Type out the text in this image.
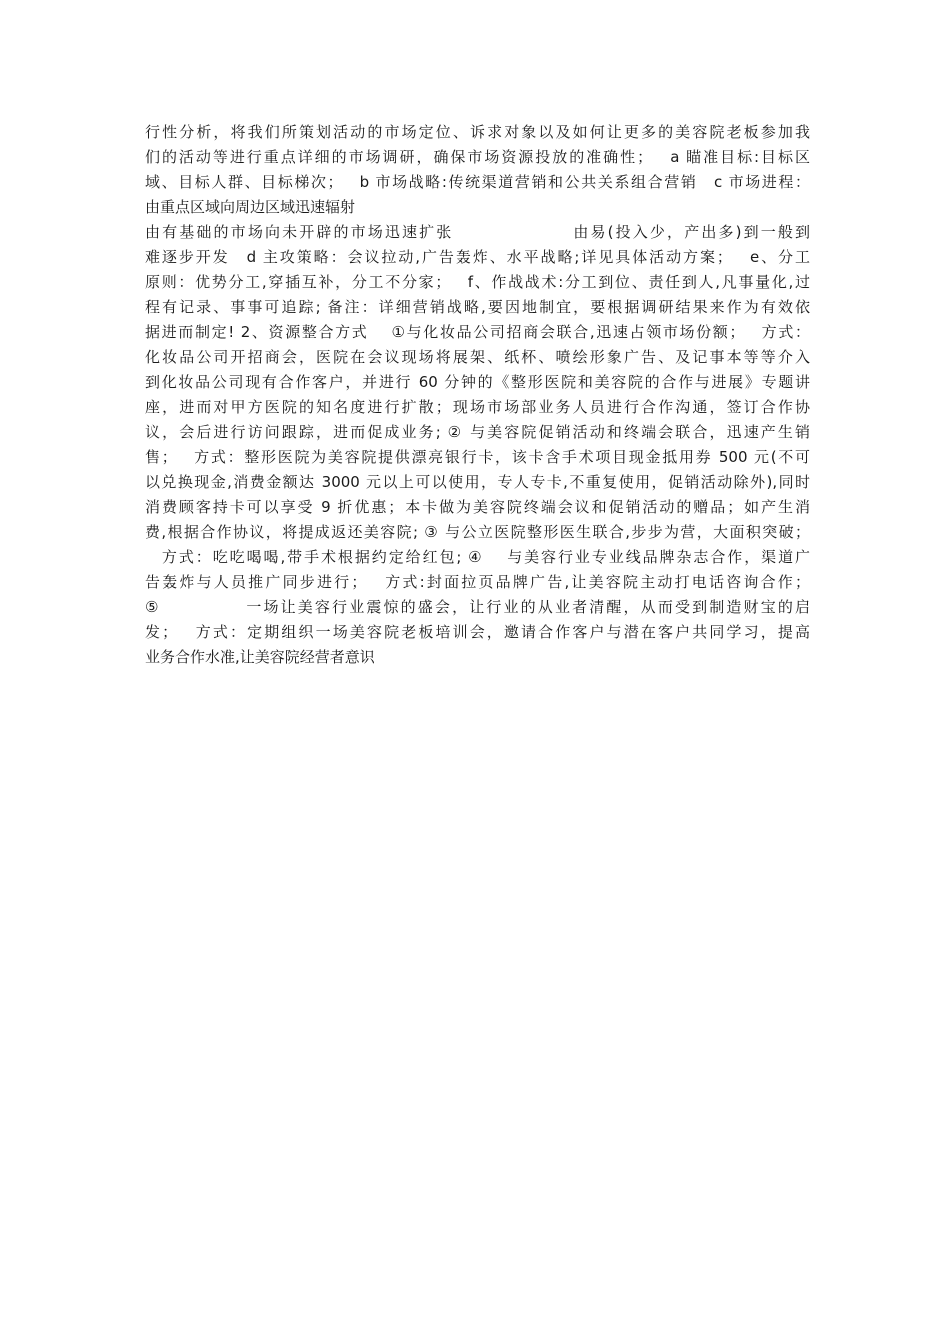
行性分析，将我们所策划活动的市场定位、诉求对象以及如何让更多的美容院老板参加我
们的活动等进行重点详细的市场调研，确保市场资源投放的准确性；　 a 瞄准目标:目标区
域、目标人群、目标梯次；　 b 市场战略:传统渠道营销和公共关系组合营销　c 市场进程：
由重点区域向周边区域迅速辐射
由有基础的市场向未开辟的市场迅速扩张　　　　　　　由易(投入少，产出多)到一般到
难逐步开发　d 主攻策略：会议拉动,广告轰炸、水平战略;详见具体活动方案；　 e、分工
原则：优势分工,穿插互补，分工不分家；　 f、作战战术:分工到位、责任到人,凡事量化,过
程有记录、事事可追踪; 备注：详细营销战略,要因地制宜，要根据调研结果来作为有效依
据进而制定! 2、资源整合方式　 ①与化妆品公司招商会联合,迅速占领市场份额；　 方式：
化妆品公司开招商会，医院在会议现场将展架、纸杯、喷绘形象广告、及记事本等等介入
到化妆品公司现有合作客户，并进行 60 分钟的《整形医院和美容院的合作与进展》专题讲
座，进而对甲方医院的知名度进行扩散；现场市场部业务人员进行合作沟通，签订合作协
议，会后进行访问跟踪，进而促成业务; ② 与美容院促销活动和终端会联合，迅速产生销
售；　 方式：整形医院为美容院提供漂亮银行卡，该卡含手术项目现金抵用券 500 元(不可
以兑换现金,消费金额达 3000 元以上可以使用，专人专卡,不重复使用，促销活动除外),同时
消费顾客持卡可以享受 9 折优惠；本卡做为美容院终端会议和促销活动的赠品；如产生消
费,根据合作协议，将提成返还美容院; ③ 与公立医院整形医生联合,步步为营，大面积突破；
　方式：吃吃喝喝,带手术根据约定给红包; ④　 与美容行业专业线品牌杂志合作，渠道广
告轰炸与人员推广同步进行；　 方式:封面拉页品牌广告,让美容院主动打电话咨询合作；
⑤　　　　　一场让美容行业震惊的盛会，让行业的从业者清醒，从而受到制造财宝的启
发；　 方式：定期组织一场美容院老板培训会，邀请合作客户与潜在客户共同学习，提高
业务合作水准,让美容院经营者意识
